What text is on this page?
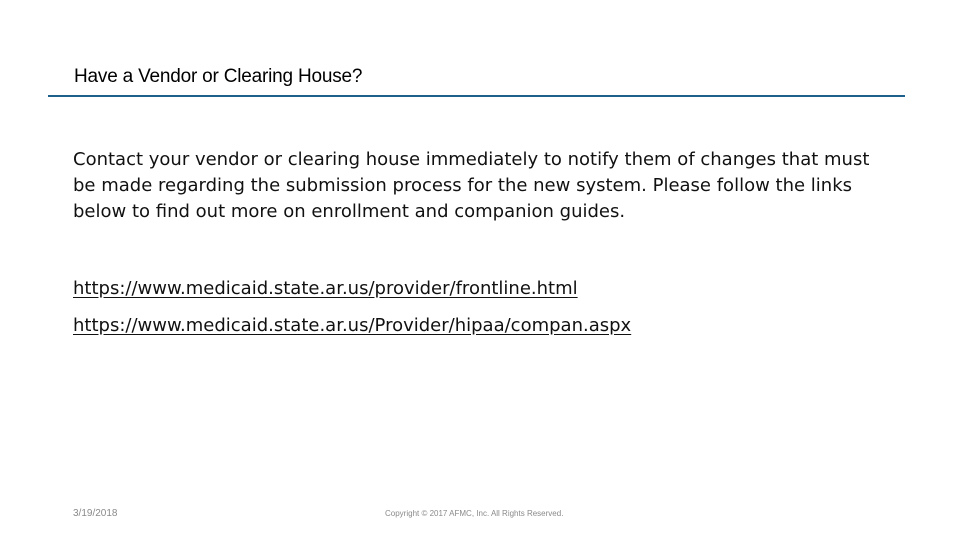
Have a Vendor or Clearing House?
Contact your vendor or clearing house immediately to notify them of changes that must be made regarding the submission process for the new system. Please follow the links below to find out more on enrollment and companion guides.
https://www.medicaid.state.ar.us/provider/frontline.html
https://www.medicaid.state.ar.us/Provider/hipaa/compan.aspx
3/19/2018	Copyright © 2017 AFMC, Inc. All Rights Reserved.
